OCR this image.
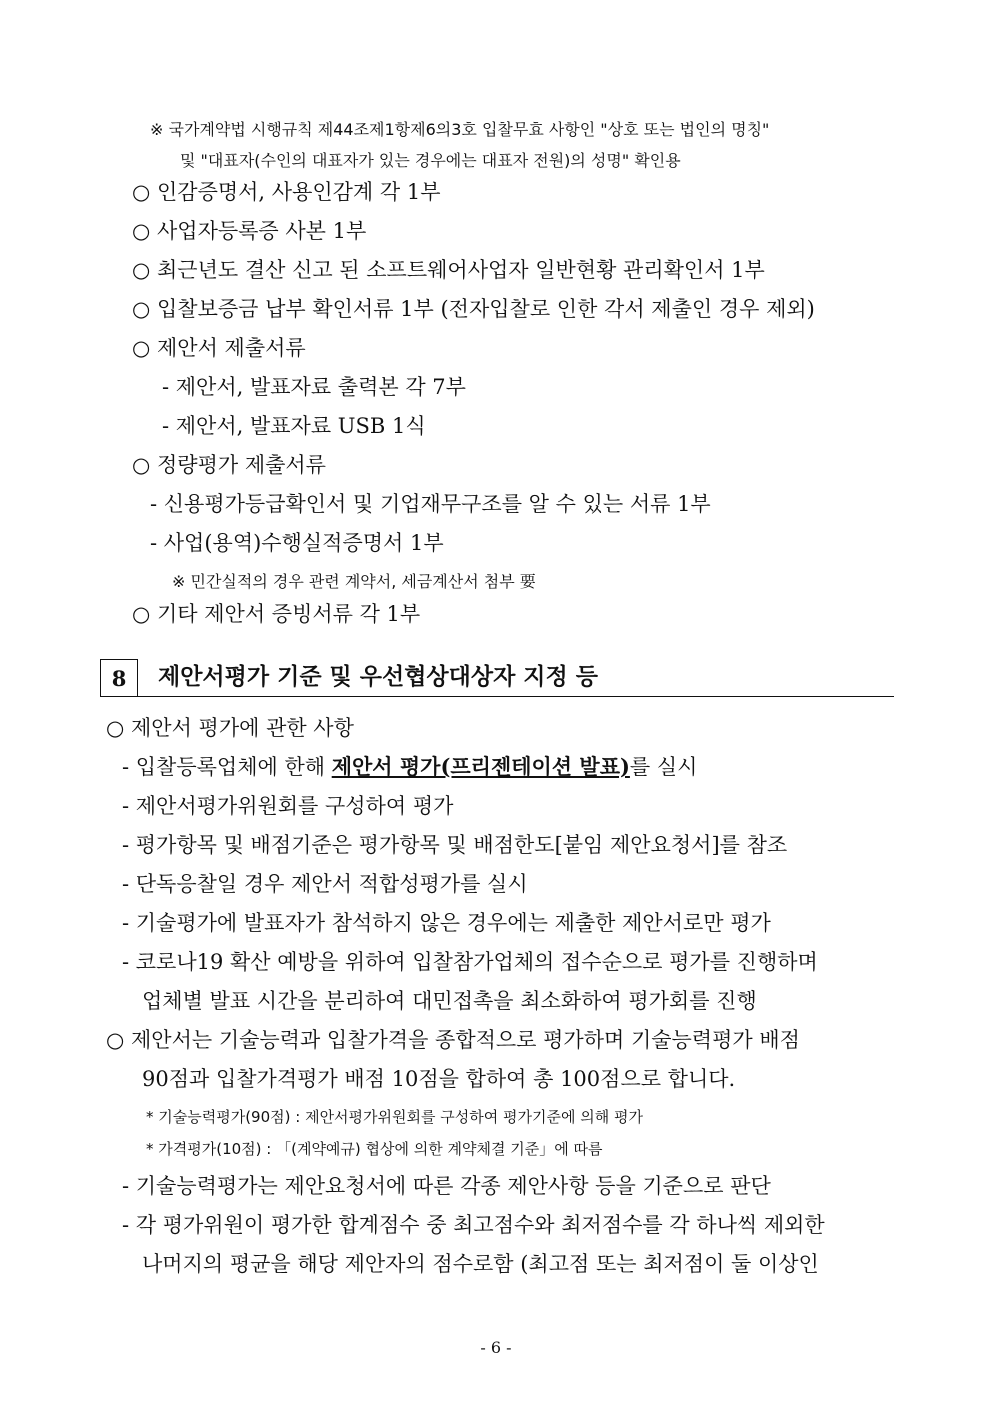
※ 국가계약법 시행규칙 제44조제1항제6의3호 입찰무효 사항인 "상호 또는 법인의 명칭"
및 "대표자(수인의 대표자가 있는 경우에는 대표자 전원)의 성명" 확인용
○ 인감증명서, 사용인감계 각 1부
○ 사업자등록증 사본 1부
○ 최근년도 결산 신고 된 소프트웨어사업자 일반현황 관리확인서 1부
○ 입찰보증금 납부 확인서류 1부 (전자입찰로 인한 각서 제출인 경우 제외)
○ 제안서 제출서류
- 제안서, 발표자료 출력본 각 7부
- 제안서, 발표자료 USB 1식
○ 정량평가 제출서류
- 신용평가등급확인서 및 기업재무구조를 알 수 있는 서류 1부
- 사업(용역)수행실적증명서 1부
※ 민간실적의 경우 관련 계약서, 세금계산서 첨부 要
○ 기타 제안서 증빙서류 각 1부
8 제안서평가 기준 및 우선협상대상자 지정 등
○ 제안서 평가에 관한 사항
- 입찰등록업체에 한해 제안서 평가(프리젠테이션 발표)를 실시
- 제안서평가위원회를 구성하여 평가
- 평가항목 및 배점기준은 평가항목 및 배점한도[붙임 제안요청서]를 참조
- 단독응찰일 경우 제안서 적합성평가를 실시
- 기술평가에 발표자가 참석하지 않은 경우에는 제출한 제안서로만 평가
- 코로나19 확산 예방을 위하여 입찰참가업체의 접수순으로 평가를 진행하며
업체별 발표 시간을 분리하여 대민접촉을 최소화하여 평가회를 진행
○ 제안서는 기술능력과 입찰가격을 종합적으로 평가하며 기술능력평가 배점
90점과 입찰가격평가 배점 10점을 합하여 총 100점으로 합니다.
* 기술능력평가(90점) : 제안서평가위원회를 구성하여 평가기준에 의해 평가
* 가격평가(10점) : 「(계약예규) 협상에 의한 계약체결 기준」에 따름
- 기술능력평가는 제안요청서에 따른 각종 제안사항 등을 기준으로 판단
- 각 평가위원이 평가한 합계점수 중 최고점수와 최저점수를 각 하나씩 제외한
나머지의 평균을 해당 제안자의 점수로함 (최고점 또는 최저점이 둘 이상인
- 6 -
